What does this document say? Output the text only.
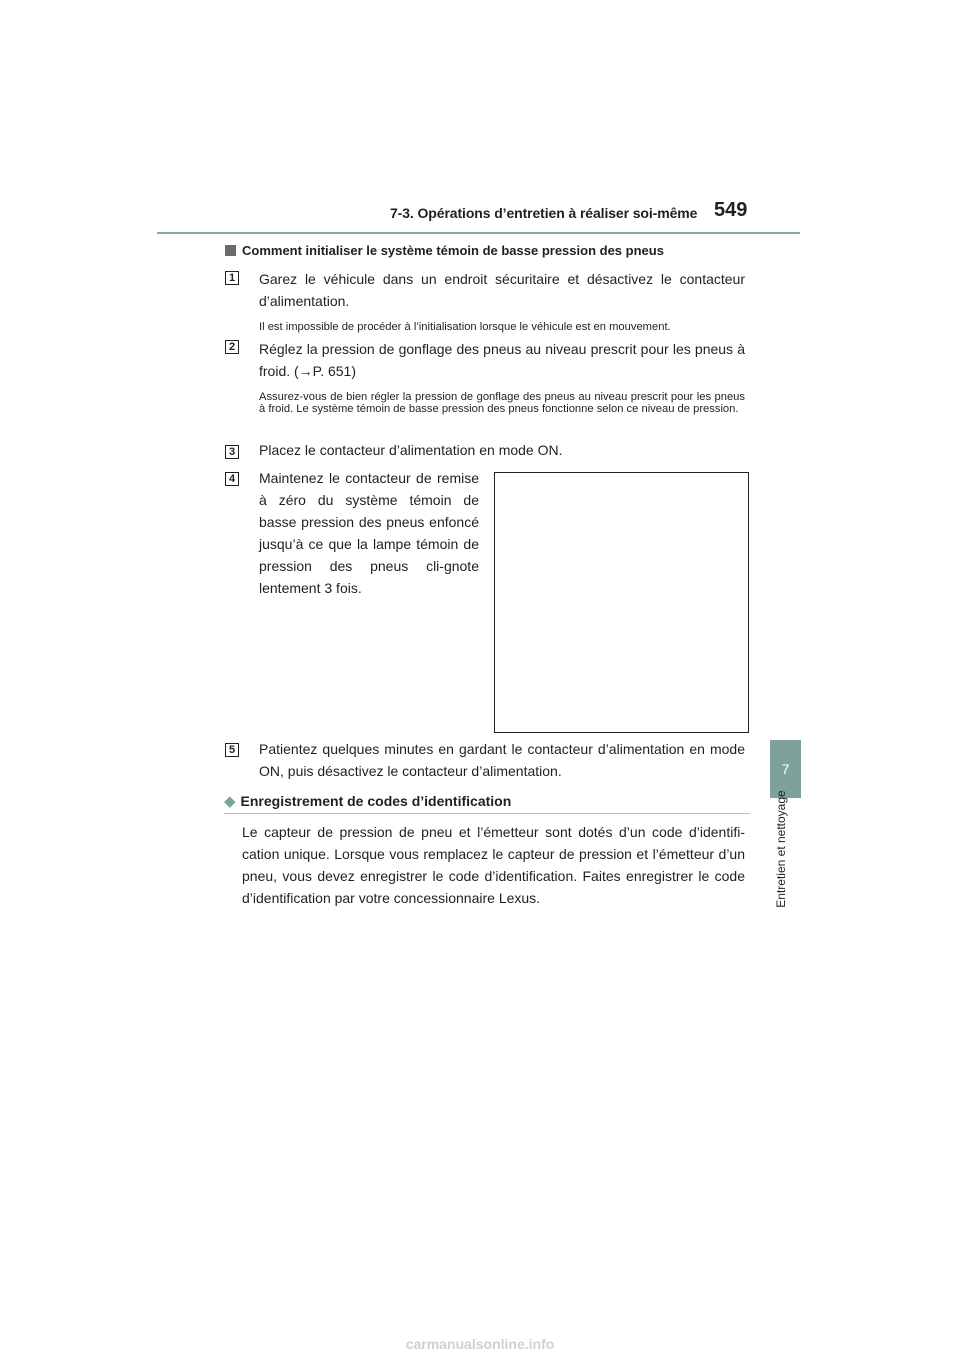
7-3. Opérations d’entretien à réaliser soi-même 549
7
Entretien et nettoyage
Comment initialiser le système témoin de basse pression des pneus
1 Garez le véhicule dans un endroit sécuritaire et désactivez le contacteur d’alimentation.
Il est impossible de procéder à l’initialisation lorsque le véhicule est en mouvement.
2 Réglez la pression de gonflage des pneus au niveau prescrit pour les pneus à froid. (→P. 651)
Assurez-vous de bien régler la pression de gonflage des pneus au niveau prescrit pour les pneus à froid. Le système témoin de basse pression des pneus fonctionne selon ce niveau de pression.
3 Placez le contacteur d’alimentation en mode ON.
4 Maintenez le contacteur de remise à zéro du système témoin de basse pression des pneus enfoncé jusqu’à ce que la lampe témoin de pression des pneus cli-gnote lentement 3 fois.
5 Patientez quelques minutes en gardant le contacteur d’alimentation en mode ON, puis désactivez le contacteur d’alimentation.
◆ Enregistrement de codes d’identification
Le capteur de pression de pneu et l’émetteur sont dotés d’un code d’identifi-cation unique. Lorsque vous remplacez le capteur de pression et l’émetteur d’un pneu, vous devez enregistrer le code d’identification. Faites enregistrer le code d’identification par votre concessionnaire Lexus.
carmanualsonline.info
